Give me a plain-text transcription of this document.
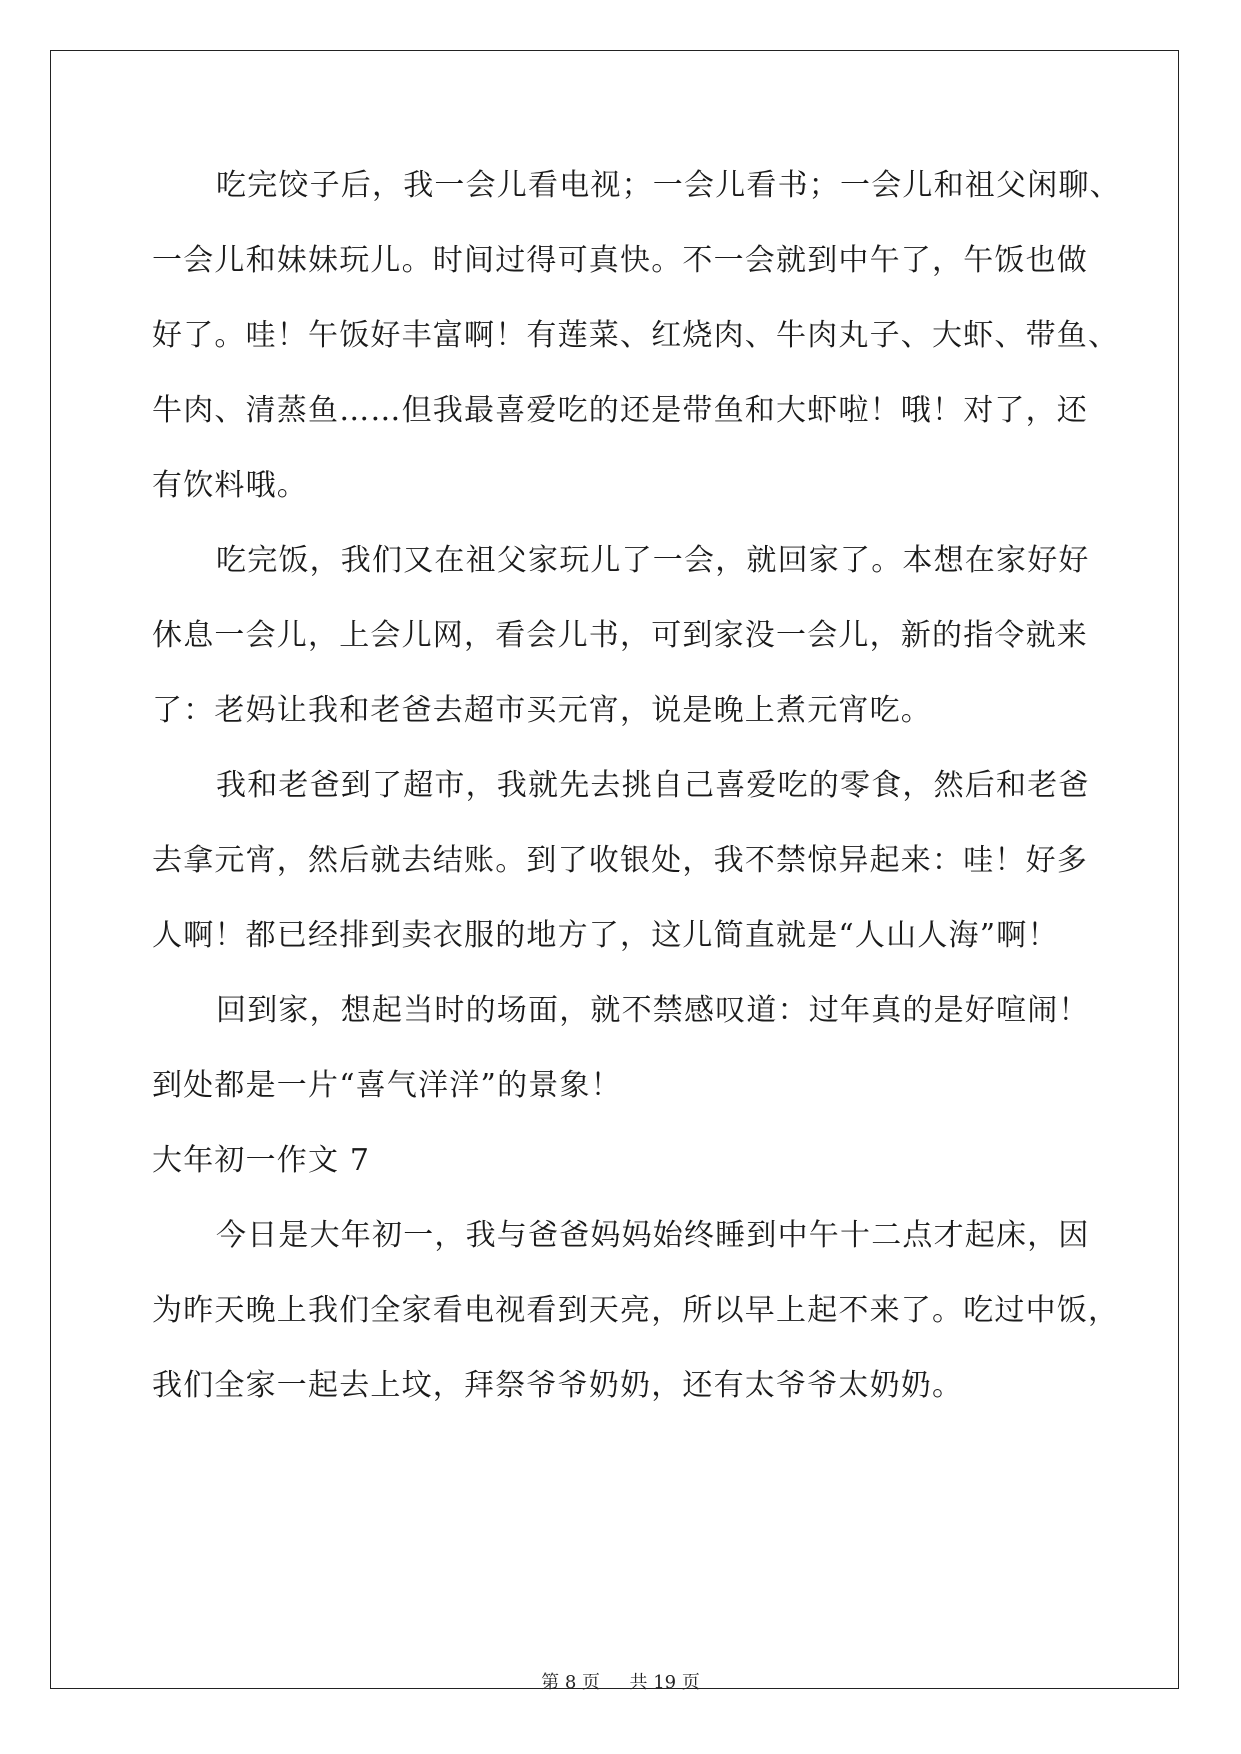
吃完饺子后，我一会儿看电视；一会儿看书；一会儿和祖父闲聊、
一会儿和妹妹玩儿。时间过得可真快。不一会就到中午了，午饭也做
好了。哇！午饭好丰富啊！有莲菜、红烧肉、牛肉丸子、大虾、带鱼、
牛肉、清蒸鱼……但我最喜爱吃的还是带鱼和大虾啦！哦！对了，还
有饮料哦。
吃完饭，我们又在祖父家玩儿了一会，就回家了。本想在家好好
休息一会儿，上会儿网，看会儿书，可到家没一会儿，新的指令就来
了：老妈让我和老爸去超市买元宵，说是晚上煮元宵吃。
我和老爸到了超市，我就先去挑自己喜爱吃的零食，然后和老爸
去拿元宵，然后就去结账。到了收银处，我不禁惊异起来：哇！好多
人啊！都已经排到卖衣服的地方了，这儿简直就是“人山人海”啊！
回到家，想起当时的场面，就不禁感叹道：过年真的是好喧闹！
到处都是一片“喜气洋洋”的景象！
大年初一作文 7
今日是大年初一，我与爸爸妈妈始终睡到中午十二点才起床，因
为昨天晚上我们全家看电视看到天亮，所以早上起不来了。吃过中饭，
我们全家一起去上坟，拜祭爷爷奶奶，还有太爷爷太奶奶。
第 8 页 共 19 页
